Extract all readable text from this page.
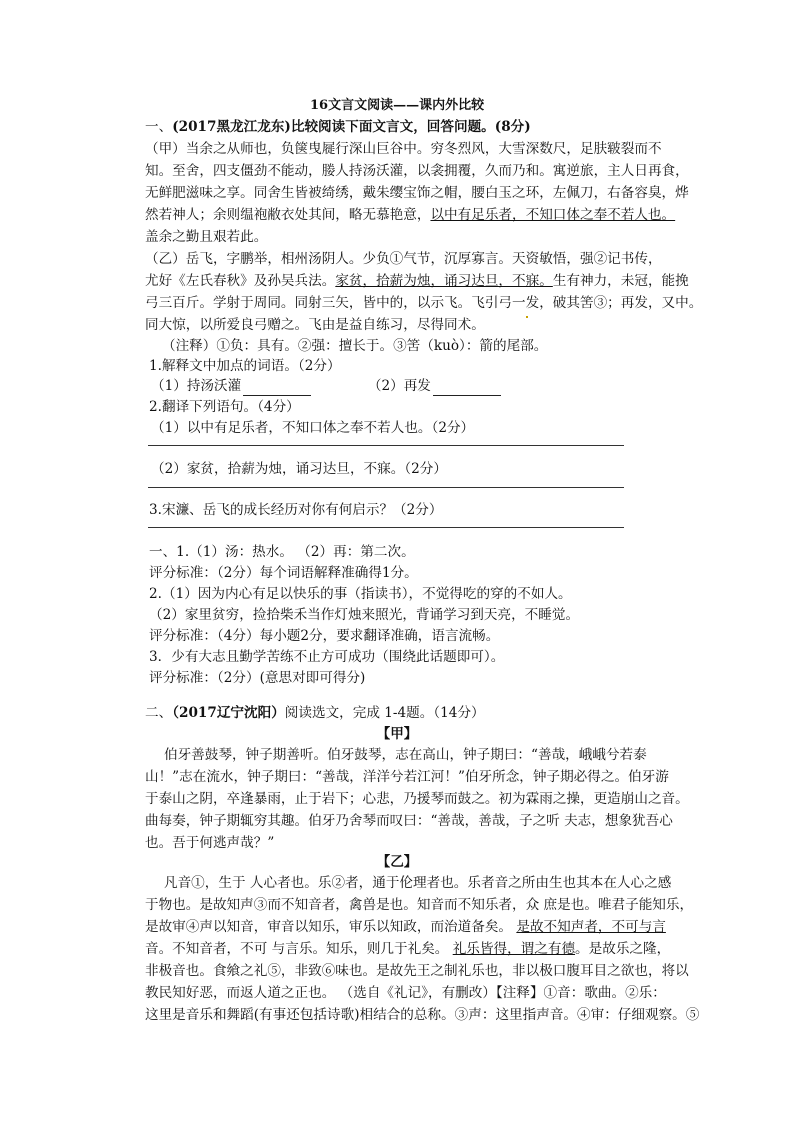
16文言文阅读——课内外比较
一、(2017黑龙江龙东)比较阅读下面文言文，回答问题。(8分)
（甲）当余之从师也，负箧曳屣行深山巨谷中。穷冬烈风，大雪深数尺，足肤皲裂而不
知。至舍，四支僵劲不能动，媵人持汤沃灌，以衾拥覆，久而乃和。寓逆旅，主人日再食，
无鲜肥滋味之享。同舍生皆被绮绣，戴朱缨宝饰之帽，腰白玉之环，左佩刀，右备容臭，烨
然若神人；余则缊袍敝衣处其间，略无慕艳意，以中有足乐者，不知口体之奉不若人也。
盖余之勤且艰若此。
（乙）岳飞，字鹏举，相州汤阴人。少负①气节，沉厚寡言。天资敏悟，强②记书传，
尤好《左氏春秋》及孙吴兵法。家贫，拾薪为烛，诵习达旦，不寐。生有神力，未冠，能挽
弓三百斤。学射于周同。同射三矢，皆中的，以示飞。飞引弓一发，破其筈③；再发，又中。
同大惊，以所爱良弓赠之。飞由是益自练习，尽得同术。
（注释）①负：具有。②强：擅长于。③筈（kuò）：箭的尾部。
1.解释文中加点的词语。（2分）
（1）持汤沃灌	（2）再发
2.翻译下列语句。（4分）
（1）以中有足乐者，不知口体之奉不若人也。（2分）
（2）家贫，拾薪为烛，诵习达旦，不寐。（2分）
3.宋濂、岳飞的成长经历对你有何启示？（2分）
一、1.（1）汤：热水。 （2）再：第二次。
评分标准：（2分）每个词语解释准确得1分。
2.（1）因为内心有足以快乐的事（指读书），不觉得吃的穿的不如人。
（2）家里贫穷，捡拾柴禾当作灯烛来照光，背诵学习到天亮，不睡觉。
评分标准：（4分）每小题2分，要求翻译准确，语言流畅。
3．少有大志且勤学苦练不止方可成功（围绕此话题即可）。
评分标准：（2分）(意思对即可得分)
二、（2017辽宁沈阳）阅读选文，完成 1-4题。（14分）
【甲】
伯牙善鼓琴，钟子期善听。伯牙鼓琴，志在高山，钟子期曰：“善哉，峨峨兮若泰
山！”志在流水，钟子期曰：“善哉，洋洋兮若江河！”伯牙所念，钟子期必得之。伯牙游
于泰山之阴，卒逢暴雨，止于岩下；心悲，乃援琴而鼓之。初为霖雨之操，更造崩山之音。
曲每奏，钟子期辄穷其趣。伯牙乃舍琴而叹曰：“善哉，善哉，子之听 夫志，想象犹吾心
也。吾于何逃声哉？”
【乙】
凡音①，生于 人心者也。乐②者，通于伦理者也。乐者音之所由生也其本在人心之感
于物也。是故知声③而不知音者，禽兽是也。知音而不知乐者，众 庶是也。唯君子能知乐，
是故审④声以知音，审音以知乐，审乐以知政，而治道备矣。 是故不知声者，不可与言
音。不知音者，不可 与言乐。知乐，则几于礼矣。 礼乐皆得，谓之有德。是故乐之隆，
非极音也。食飨之礼⑤，非致⑥味也。是故先王之制礼乐也，非以极口腹耳目之欲也，将以
教民知好恶，而返人道之正也。 （选自《礼记》，有删改）【注释】①音：歌曲。②乐：
这里是音乐和舞蹈(有事还包括诗歌)相结合的总称。③声：这里指声音。④审：仔细观察。⑤
